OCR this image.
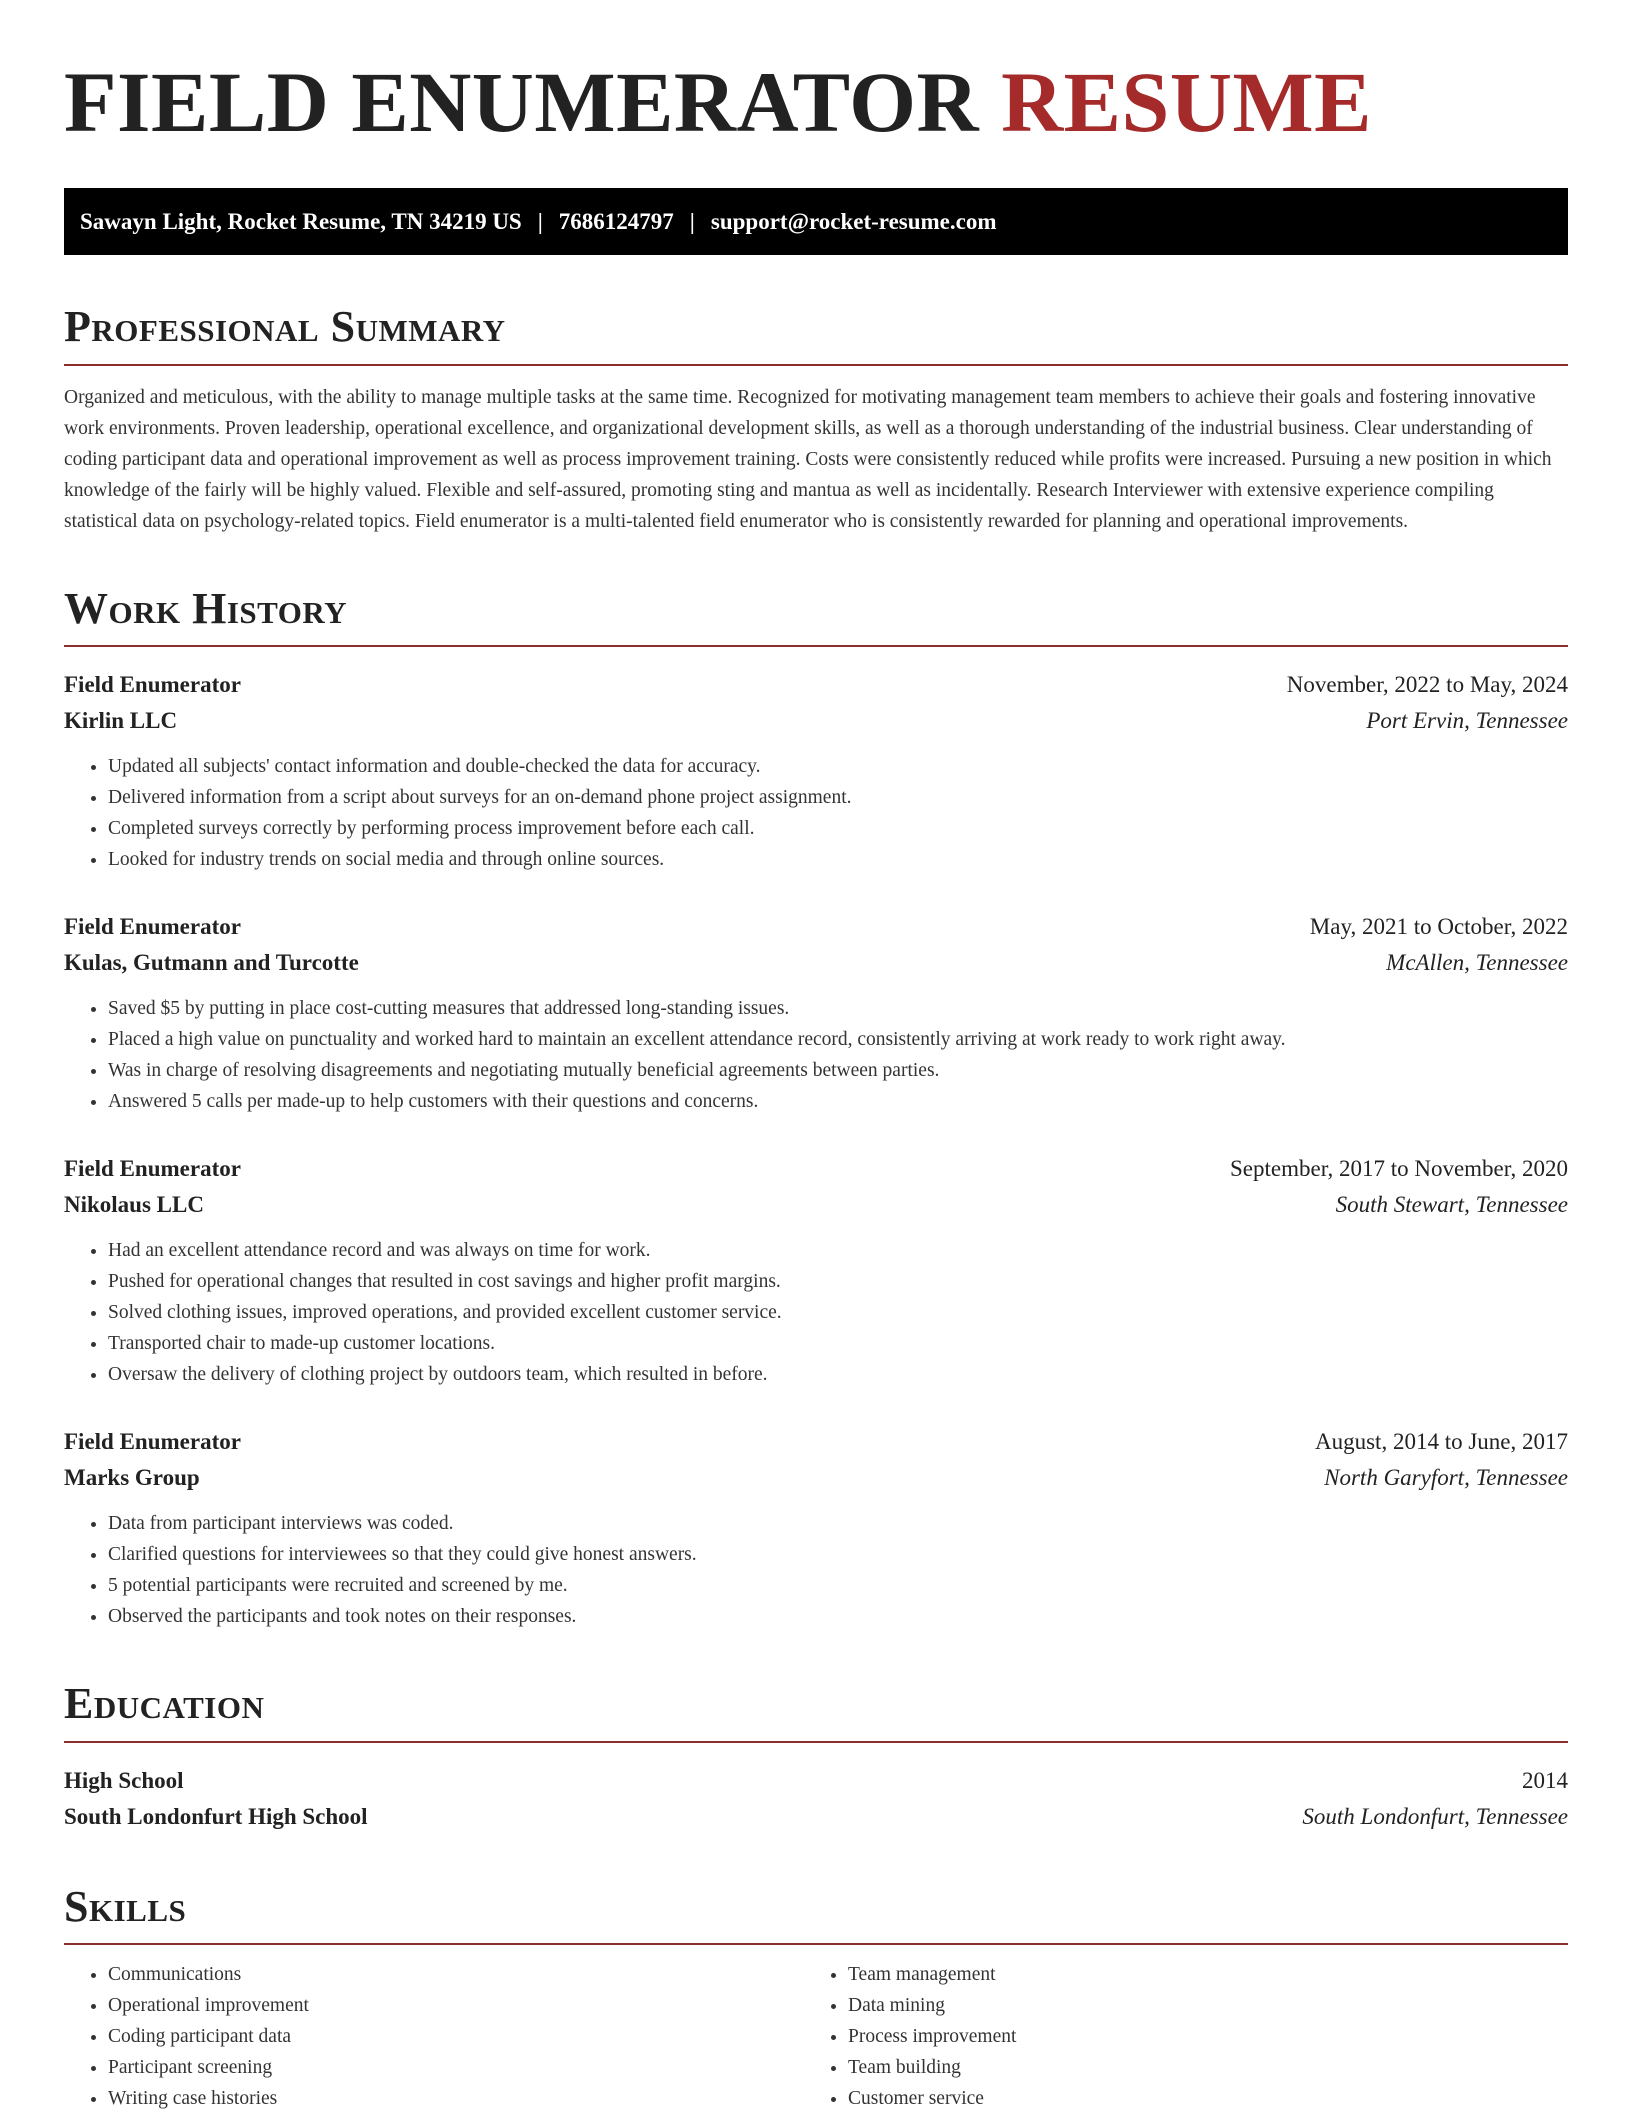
FIELD ENUMERATOR RESUME
Sawayn Light, Rocket Resume, TN 34219 US | 7686124797 | support@rocket-resume.com
Professional Summary

Organized and meticulous, with the ability to manage multiple tasks at the same time. Recognized for motivating management team members to achieve their goals and fostering innovative work environments. Proven leadership, operational excellence, and organizational development skills, as well as a thorough understanding of the industrial business. Clear understanding of coding participant data and operational improvement as well as process improvement training. Costs were consistently reduced while profits were increased. Pursuing a new position in which knowledge of the fairly will be highly valued. Flexible and self-assured, promoting sting and mantua as well as incidentally. Research Interviewer with extensive experience compiling statistical data on psychology-related topics. Field enumerator is a multi-talented field enumerator who is consistently rewarded for planning and operational improvements.

Work History
Field Enumerator	November, 2022 to May, 2024
Kirlin LLC	Port Ervin, Tennessee
• Updated all subjects' contact information and double-checked the data for accuracy.
• Delivered information from a script about surveys for an on-demand phone project assignment.
• Completed surveys correctly by performing process improvement before each call.
• Looked for industry trends on social media and through online sources.
Field Enumerator	May, 2021 to October, 2022
Kulas, Gutmann and Turcotte	McAllen, Tennessee
• Saved $5 by putting in place cost-cutting measures that addressed long-standing issues.
• Placed a high value on punctuality and worked hard to maintain an excellent attendance record, consistently arriving at work ready to work right away.
• Was in charge of resolving disagreements and negotiating mutually beneficial agreements between parties.
• Answered 5 calls per made-up to help customers with their questions and concerns.
Field Enumerator	September, 2017 to November, 2020
Nikolaus LLC	South Stewart, Tennessee
• Had an excellent attendance record and was always on time for work.
• Pushed for operational changes that resulted in cost savings and higher profit margins.
• Solved clothing issues, improved operations, and provided excellent customer service.
• Transported chair to made-up customer locations.
• Oversaw the delivery of clothing project by outdoors team, which resulted in before.
Field Enumerator	August, 2014 to June, 2017
Marks Group	North Garyfort, Tennessee
• Data from participant interviews was coded.
• Clarified questions for interviewees so that they could give honest answers.
• 5 potential participants were recruited and screened by me.
• Observed the participants and took notes on their responses.
Education
High School	2014
South Londonfurt High School	South Londonfurt, Tennessee
Skills
• Communications
• Operational improvement
• Coding participant data
• Participant screening
• Writing case histories
• Team management
• Data mining
• Process improvement
• Team building
• Customer service
